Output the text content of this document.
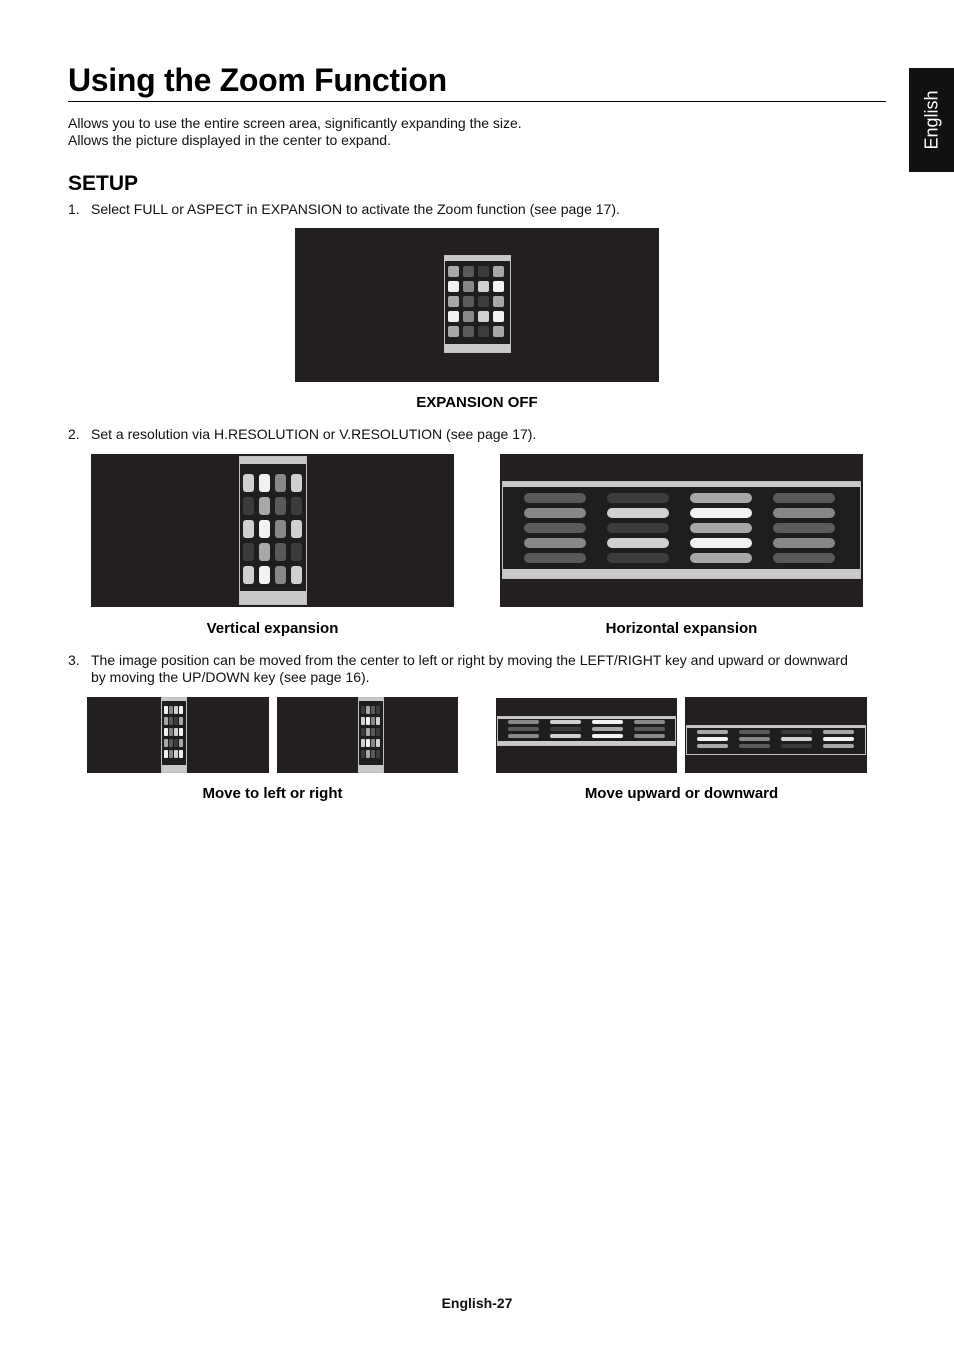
Using the Zoom Function
English
Allows you to use the entire screen area, significantly expanding the size.
Allows the picture displayed in the center to expand.
SETUP
1. Select FULL or ASPECT in EXPANSION to activate the Zoom function (see page 17).
EXPANSION OFF
2. Set a resolution via H.RESOLUTION or V.RESOLUTION (see page 17).
Vertical expansion	Horizontal expansion
3. The image position can be moved from the center to left or right by moving the LEFT/RIGHT key and upward or downward
by moving the UP/DOWN key (see page 16).
Move to left or right	Move upward or downward
English-27
